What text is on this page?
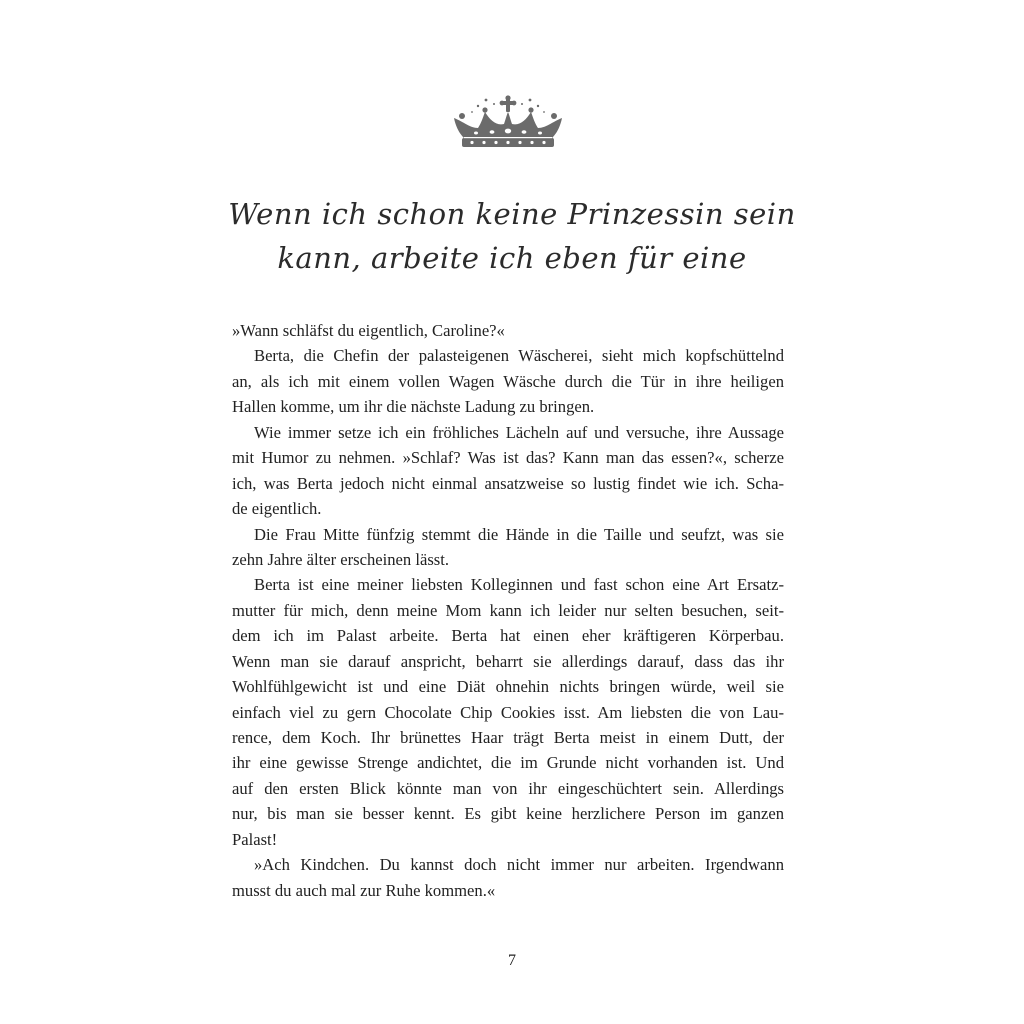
Wenn ich schon keine Prinzessin sein
kann, arbeite ich eben für eine
»Wann schläfst du eigentlich, Caroline?«
Berta, die Chefin der palasteigenen Wäscherei, sieht mich kopfschüttelnd
an, als ich mit einem vollen Wagen Wäsche durch die Tür in ihre heiligen
Hallen komme, um ihr die nächste Ladung zu bringen.
Wie immer setze ich ein fröhliches Lächeln auf und versuche, ihre Aussage
mit Humor zu nehmen. »Schlaf? Was ist das? Kann man das essen?«, scherze
ich, was Berta jedoch nicht einmal ansatzweise so lustig findet wie ich. Scha-
de eigentlich.
Die Frau Mitte fünfzig stemmt die Hände in die Taille und seufzt, was sie
zehn Jahre älter erscheinen lässt.
Berta ist eine meiner liebsten Kolleginnen und fast schon eine Art Ersatz-
mutter für mich, denn meine Mom kann ich leider nur selten besuchen, seit-
dem ich im Palast arbeite. Berta hat einen eher kräftigeren Körperbau.
Wenn man sie darauf anspricht, beharrt sie allerdings darauf, dass das ihr
Wohlfühlgewicht ist und eine Diät ohnehin nichts bringen würde, weil sie
einfach viel zu gern Chocolate Chip Cookies isst. Am liebsten die von Lau-
rence, dem Koch. Ihr brünettes Haar trägt Berta meist in einem Dutt, der
ihr eine gewisse Strenge andichtet, die im Grunde nicht vorhanden ist. Und
auf den ersten Blick könnte man von ihr eingeschüchtert sein. Allerdings
nur, bis man sie besser kennt. Es gibt keine herzlichere Person im ganzen
Palast!
»Ach Kindchen. Du kannst doch nicht immer nur arbeiten. Irgendwann
musst du auch mal zur Ruhe kommen.«
7
